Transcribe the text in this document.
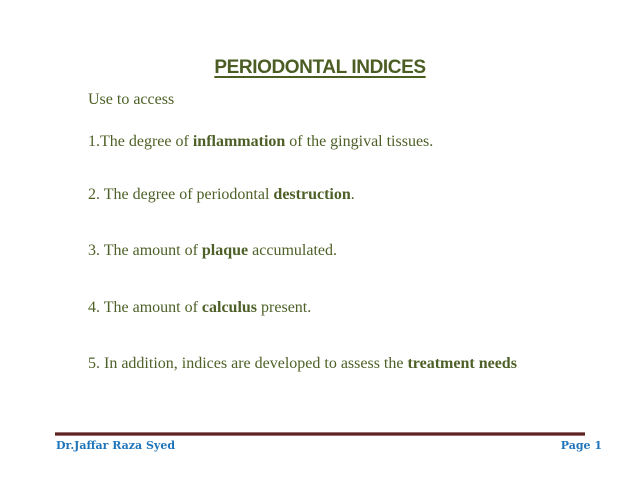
PERIODONTAL INDICES

Use to access

1.The degree of inflammation of the gingival tissues.

2. The degree of periodontal destruction.

3. The amount of plaque accumulated.

4. The amount of calculus present.

5. In addition, indices are developed to assess the treatment needs

Dr.Jaffar Raza Syed	Page 1
